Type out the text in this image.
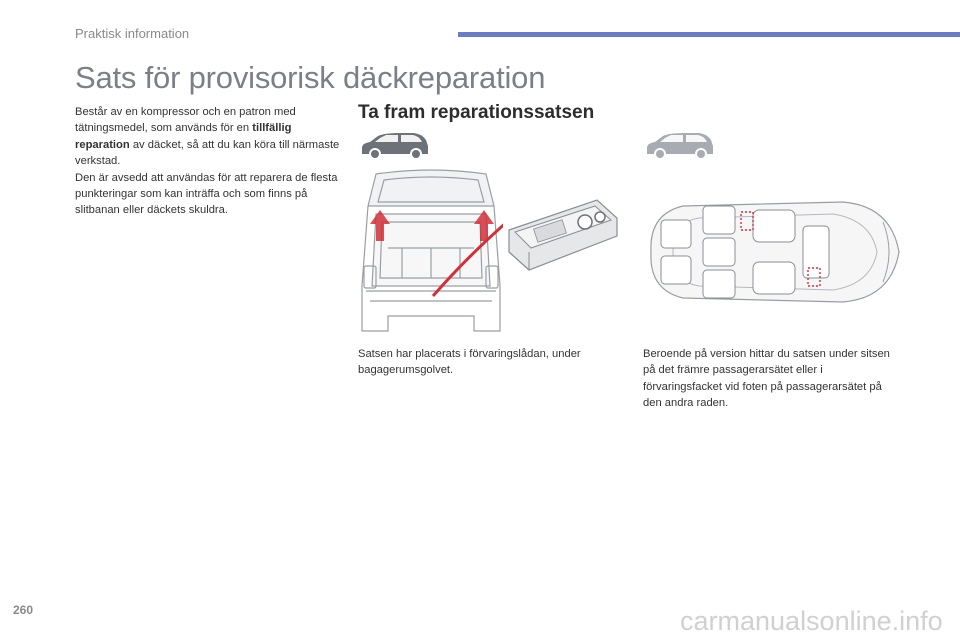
Praktisk information
Sats för provisorisk däckreparation
Består av en kompressor och en patron med tätningsmedel, som används för en tillfällig reparation av däcket, så att du kan köra till närmaste verkstad.
Den är avsedd att användas för att reparera de flesta punkteringar som kan inträffa och som finns på slitbanan eller däckets skuldra.
Ta fram reparationssatsen
Satsen har placerats i förvaringslådan, under bagagerumsgolvet.
Beroende på version hittar du satsen under sitsen på det främre passagerarsätet eller i förvaringsfacket vid foten på passagerarsätet på den andra raden.
260	carmanualsonline.info
